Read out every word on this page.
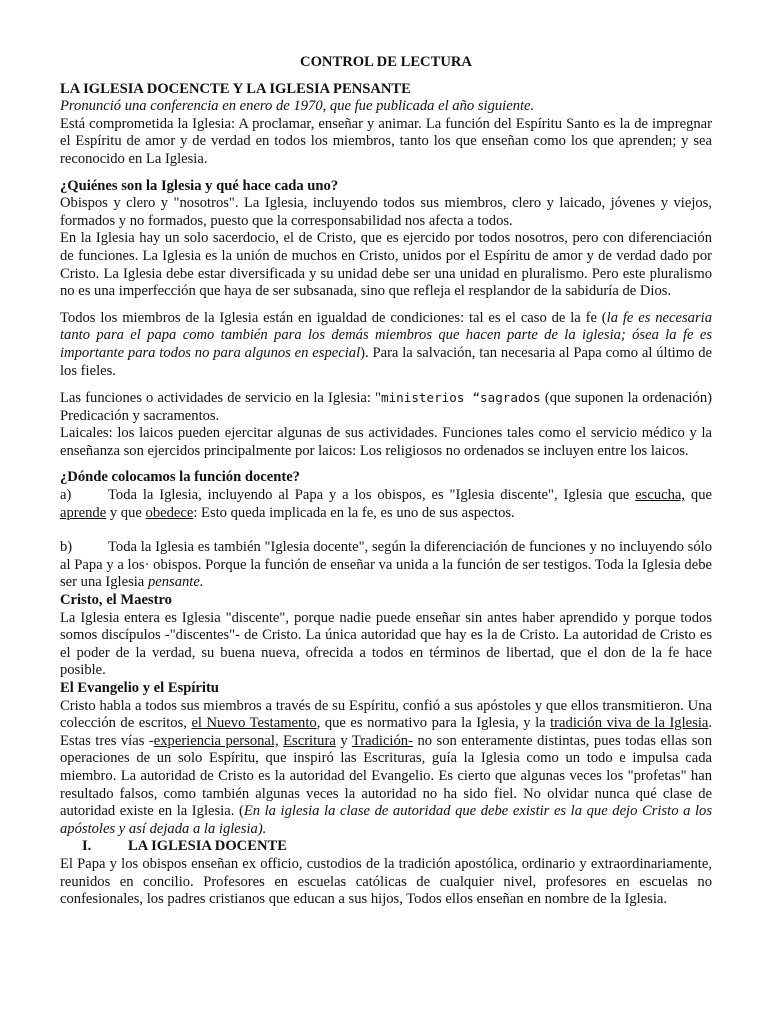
CONTROL DE LECTURA

LA IGLESIA DOCENCTE Y LA IGLESIA PENSANTE

Pronunció una conferencia en enero de 1970, que fue publicada el año siguiente.

Está comprometida la Iglesia: A proclamar, enseñar y animar. La función del Espíritu Santo es la de impregnar el Espíritu de amor y de verdad en todos los miembros, tanto los que enseñan como los que aprenden; y sea reconocido en La Iglesia.

¿Quiénes son la Iglesia y qué hace cada uno?

Obispos y clero y "nosotros". La Iglesia, incluyendo todos sus miembros, clero y laicado, jóvenes y viejos, formados y no formados, puesto que la corresponsabilidad nos afecta a todos.

En la Iglesia hay un solo sacerdocio, el de Cristo, que es ejercido por todos nosotros, pero con diferenciación de funciones. La Iglesia es la unión de muchos en Cristo, unidos por el Espíritu de amor y de verdad dado por Cristo. La Iglesia debe estar diversificada y su unidad debe ser una unidad en pluralismo. Pero este pluralismo no es una imperfección que haya de ser subsanada, sino que refleja el resplandor de la sabiduría de Dios.

Todos los miembros de la Iglesia están en igualdad de condiciones: tal es el caso de la fe (la fe es necesaria tanto para el papa como también para los demás miembros que hacen parte de la iglesia; ósea la fe es importante para todos no para algunos en especial). Para la salvación, tan necesaria al Papa como al último de los fieles.

Las funciones o actividades de servicio en la Iglesia: "ministerios “sagrados (que suponen la ordenación) Predicación y sacramentos.

Laicales: los laicos pueden ejercitar algunas de sus actividades. Funciones tales como el servicio médico y la enseñanza son ejercidos principalmente por laicos: Los religiosos no ordenados se incluyen entre los laicos.

¿Dónde colocamos la función docente?

a)	Toda la Iglesia, incluyendo al Papa y a los obispos, es "Iglesia discente", Iglesia que escucha, que aprende y que obedece: Esto queda implicada en la fe, es uno de sus aspectos.

b) Toda la Iglesia es también "Iglesia docente", según la diferenciación de funciones y no incluyendo sólo al Papa y a los· obispos. Porque la función de enseñar va unida a la función de ser testigos. Toda la Iglesia debe ser una Iglesia pensante.

Cristo, el Maestro

La Iglesia entera es Iglesia "discente", porque nadie puede enseñar sin antes haber aprendido y porque todos somos discípulos -"discentes"- de Cristo. La única autoridad que hay es la de Cristo. La autoridad de Cristo es el poder de la verdad, su buena nueva, ofrecida a todos en términos de libertad, que el don de la fe hace posible.

El Evangelio y el Espíritu

Cristo habla a todos sus miembros a través de su Espíritu, confió a sus apóstoles y que ellos transmitieron. Una colección de escritos, el Nuevo Testamento, que es normativo para la Iglesia, y la tradición viva de la Iglesia. Estas tres vías -experiencia personal, Escritura y Tradición- no son enteramente distintas, pues todas ellas son operaciones de un solo Espíritu, que inspiró las Escrituras, guía la Iglesia como un todo e impulsa cada miembro. La autoridad de Cristo es la autoridad del Evangelio. Es cierto que algunas veces los "profetas" han resultado falsos, como también algunas veces la autoridad no ha sido fiel. No olvidar nunca qué clase de autoridad existe en la Iglesia. (En la iglesia la clase de autoridad que debe existir es la que dejo Cristo a los apóstoles y así dejada a la iglesia).

I.	LA IGLESIA DOCENTE

El Papa y los obispos enseñan ex officio, custodios de la tradición apostólica, ordinario y extraordinariamente, reunidos en concilio. Profesores en escuelas católicas de cualquier nivel, profesores en escuelas no confesionales, los padres cristianos que educan a sus hijos, Todos ellos enseñan en nombre de la Iglesia.
